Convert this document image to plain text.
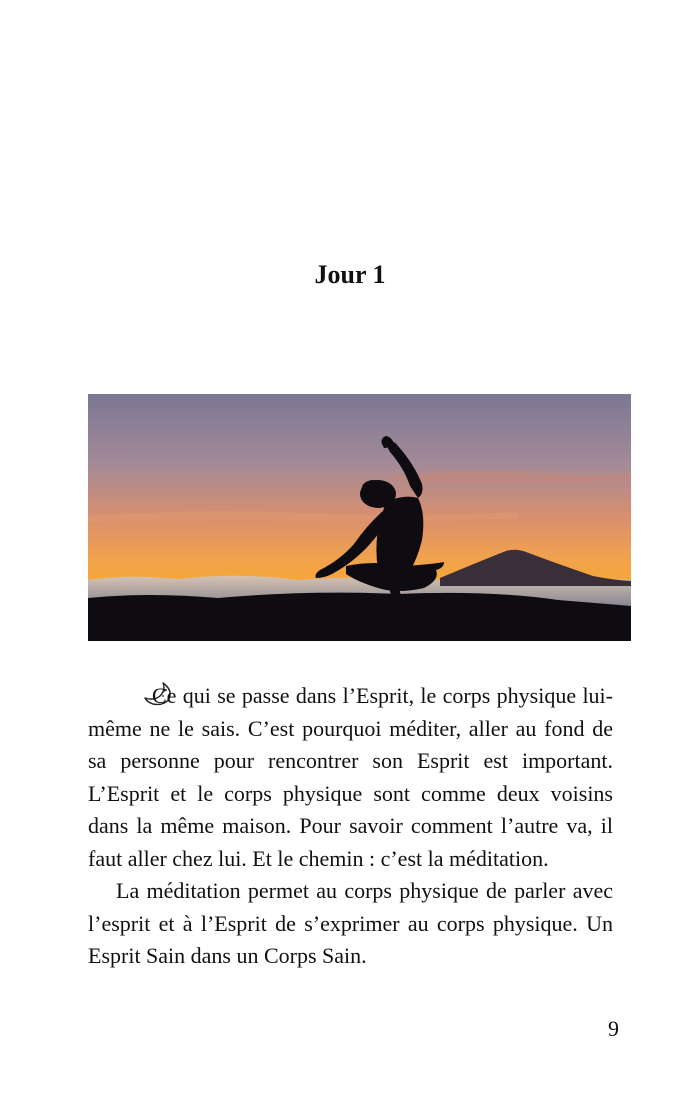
Jour 1

Ce qui se passe dans l’Esprit, le corps physique lui-même ne le sais. C’est pourquoi méditer, aller au fond de sa personne pour rencontrer son Esprit est important. L’Esprit et le corps physique sont comme deux voisins dans la même maison. Pour savoir comment l’autre va, il faut aller chez lui. Et le chemin : c’est la méditation.

La méditation permet au corps physique de parler avec l’esprit et à l’Esprit de s’exprimer au corps physique. Un Esprit Sain dans un Corps Sain.

9
